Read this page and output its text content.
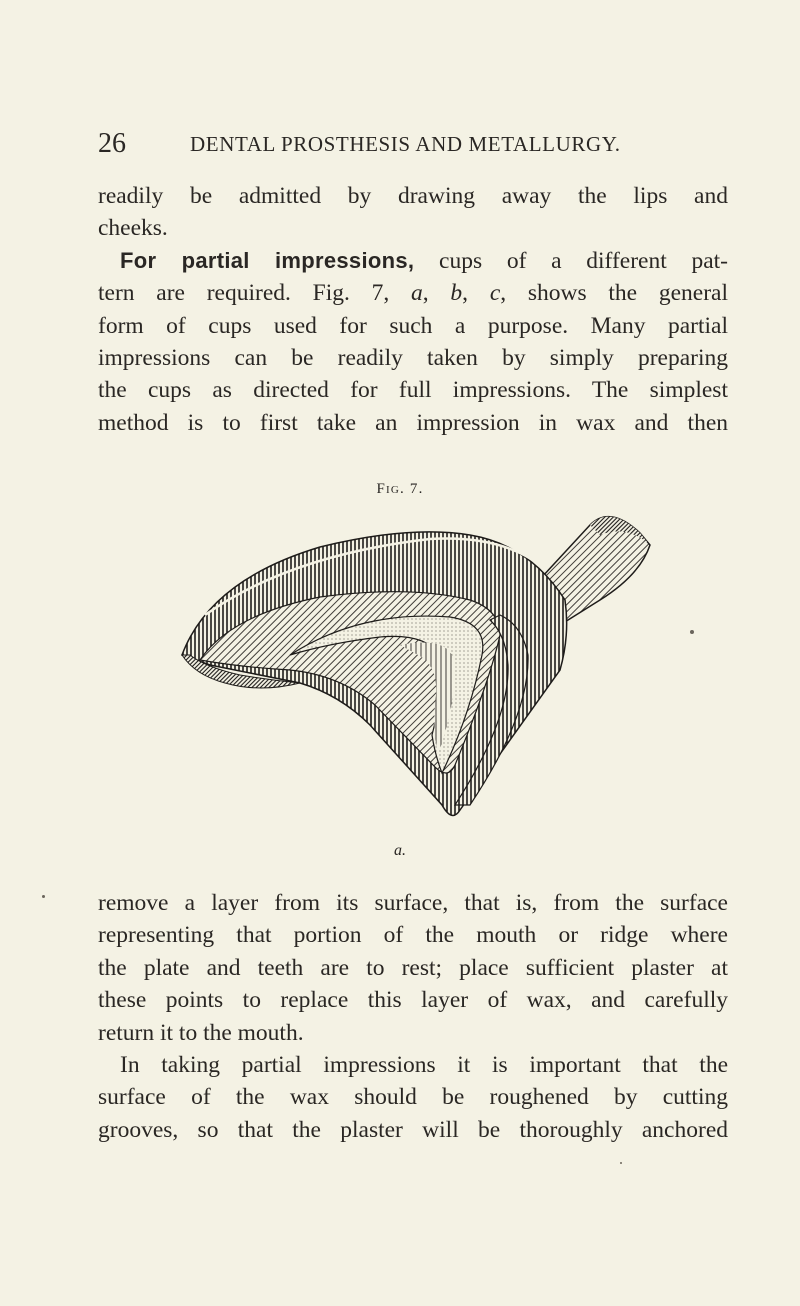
26	DENTAL PROSTHESIS AND METALLURGY.
readily be admitted by drawing away the lips and
cheeks.
For partial impressions, cups of a different pat-
tern are required. Fig. 7, a, b, c, shows the general
form of cups used for such a purpose. Many partial
impressions can be readily taken by simply preparing
the cups as directed for full impressions. The simplest
method is to first take an impression in wax and then
Fig. 7.
a.
remove a layer from its surface, that is, from the surface
representing that portion of the mouth or ridge where
the plate and teeth are to rest; place sufficient plaster at
these points to replace this layer of wax, and carefully
return it to the mouth.
In taking partial impressions it is important that the
surface of the wax should be roughened by cutting
grooves, so that the plaster will be thoroughly anchored
